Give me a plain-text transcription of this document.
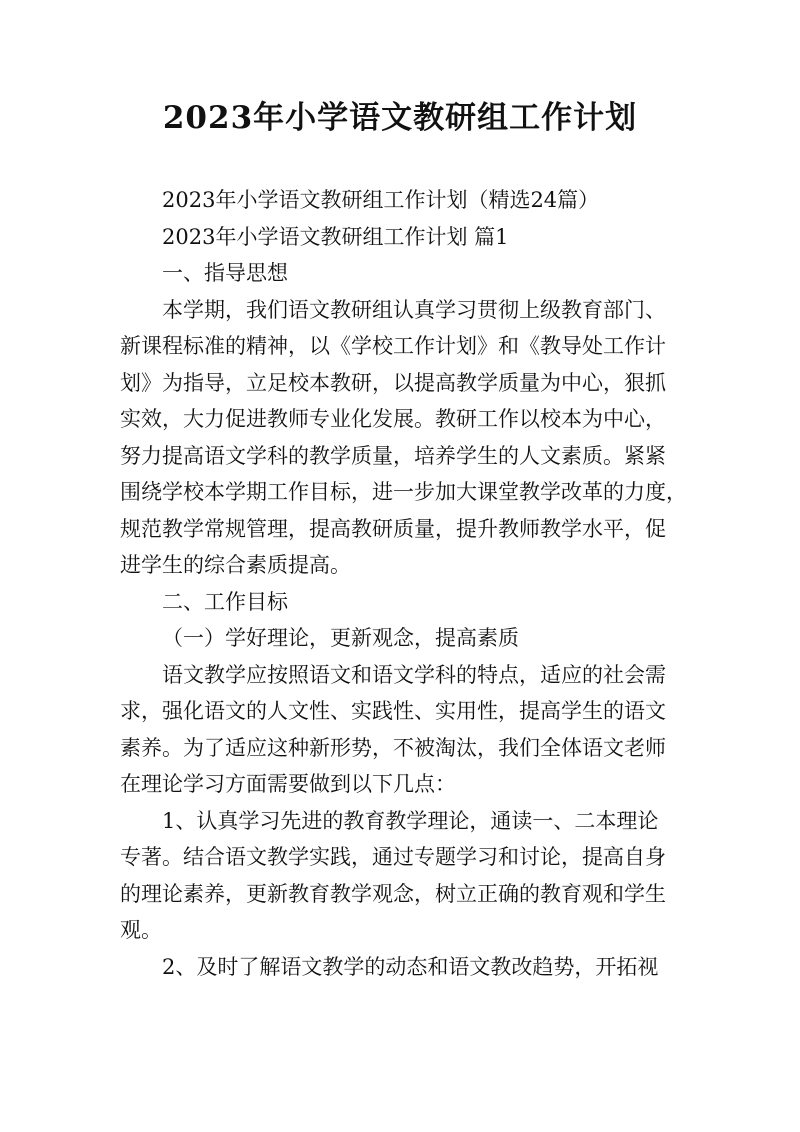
2023年小学语文教研组工作计划
2023年小学语文教研组工作计划（精选24篇）
2023年小学语文教研组工作计划 篇1
一、指导思想
本学期，我们语文教研组认真学习贯彻上级教育部门、
新课程标准的精神，以《学校工作计划》和《教导处工作计
划》为指导，立足校本教研，以提高教学质量为中心，狠抓
实效，大力促进教师专业化发展。教研工作以校本为中心，
努力提高语文学科的教学质量，培养学生的人文素质。紧紧
围绕学校本学期工作目标，进一步加大课堂教学改革的力度，
规范教学常规管理，提高教研质量，提升教师教学水平，促
进学生的综合素质提高。
二、工作目标
（一）学好理论，更新观念，提高素质
语文教学应按照语文和语文学科的特点，适应的社会需
求，强化语文的人文性、实践性、实用性，提高学生的语文
素养。为了适应这种新形势，不被淘汰，我们全体语文老师
在理论学习方面需要做到以下几点：
1、认真学习先进的教育教学理论，通读一、二本理论
专著。结合语文教学实践，通过专题学习和讨论，提高自身
的理论素养，更新教育教学观念，树立正确的教育观和学生
观。
2、及时了解语文教学的动态和语文教改趋势，开拓视
